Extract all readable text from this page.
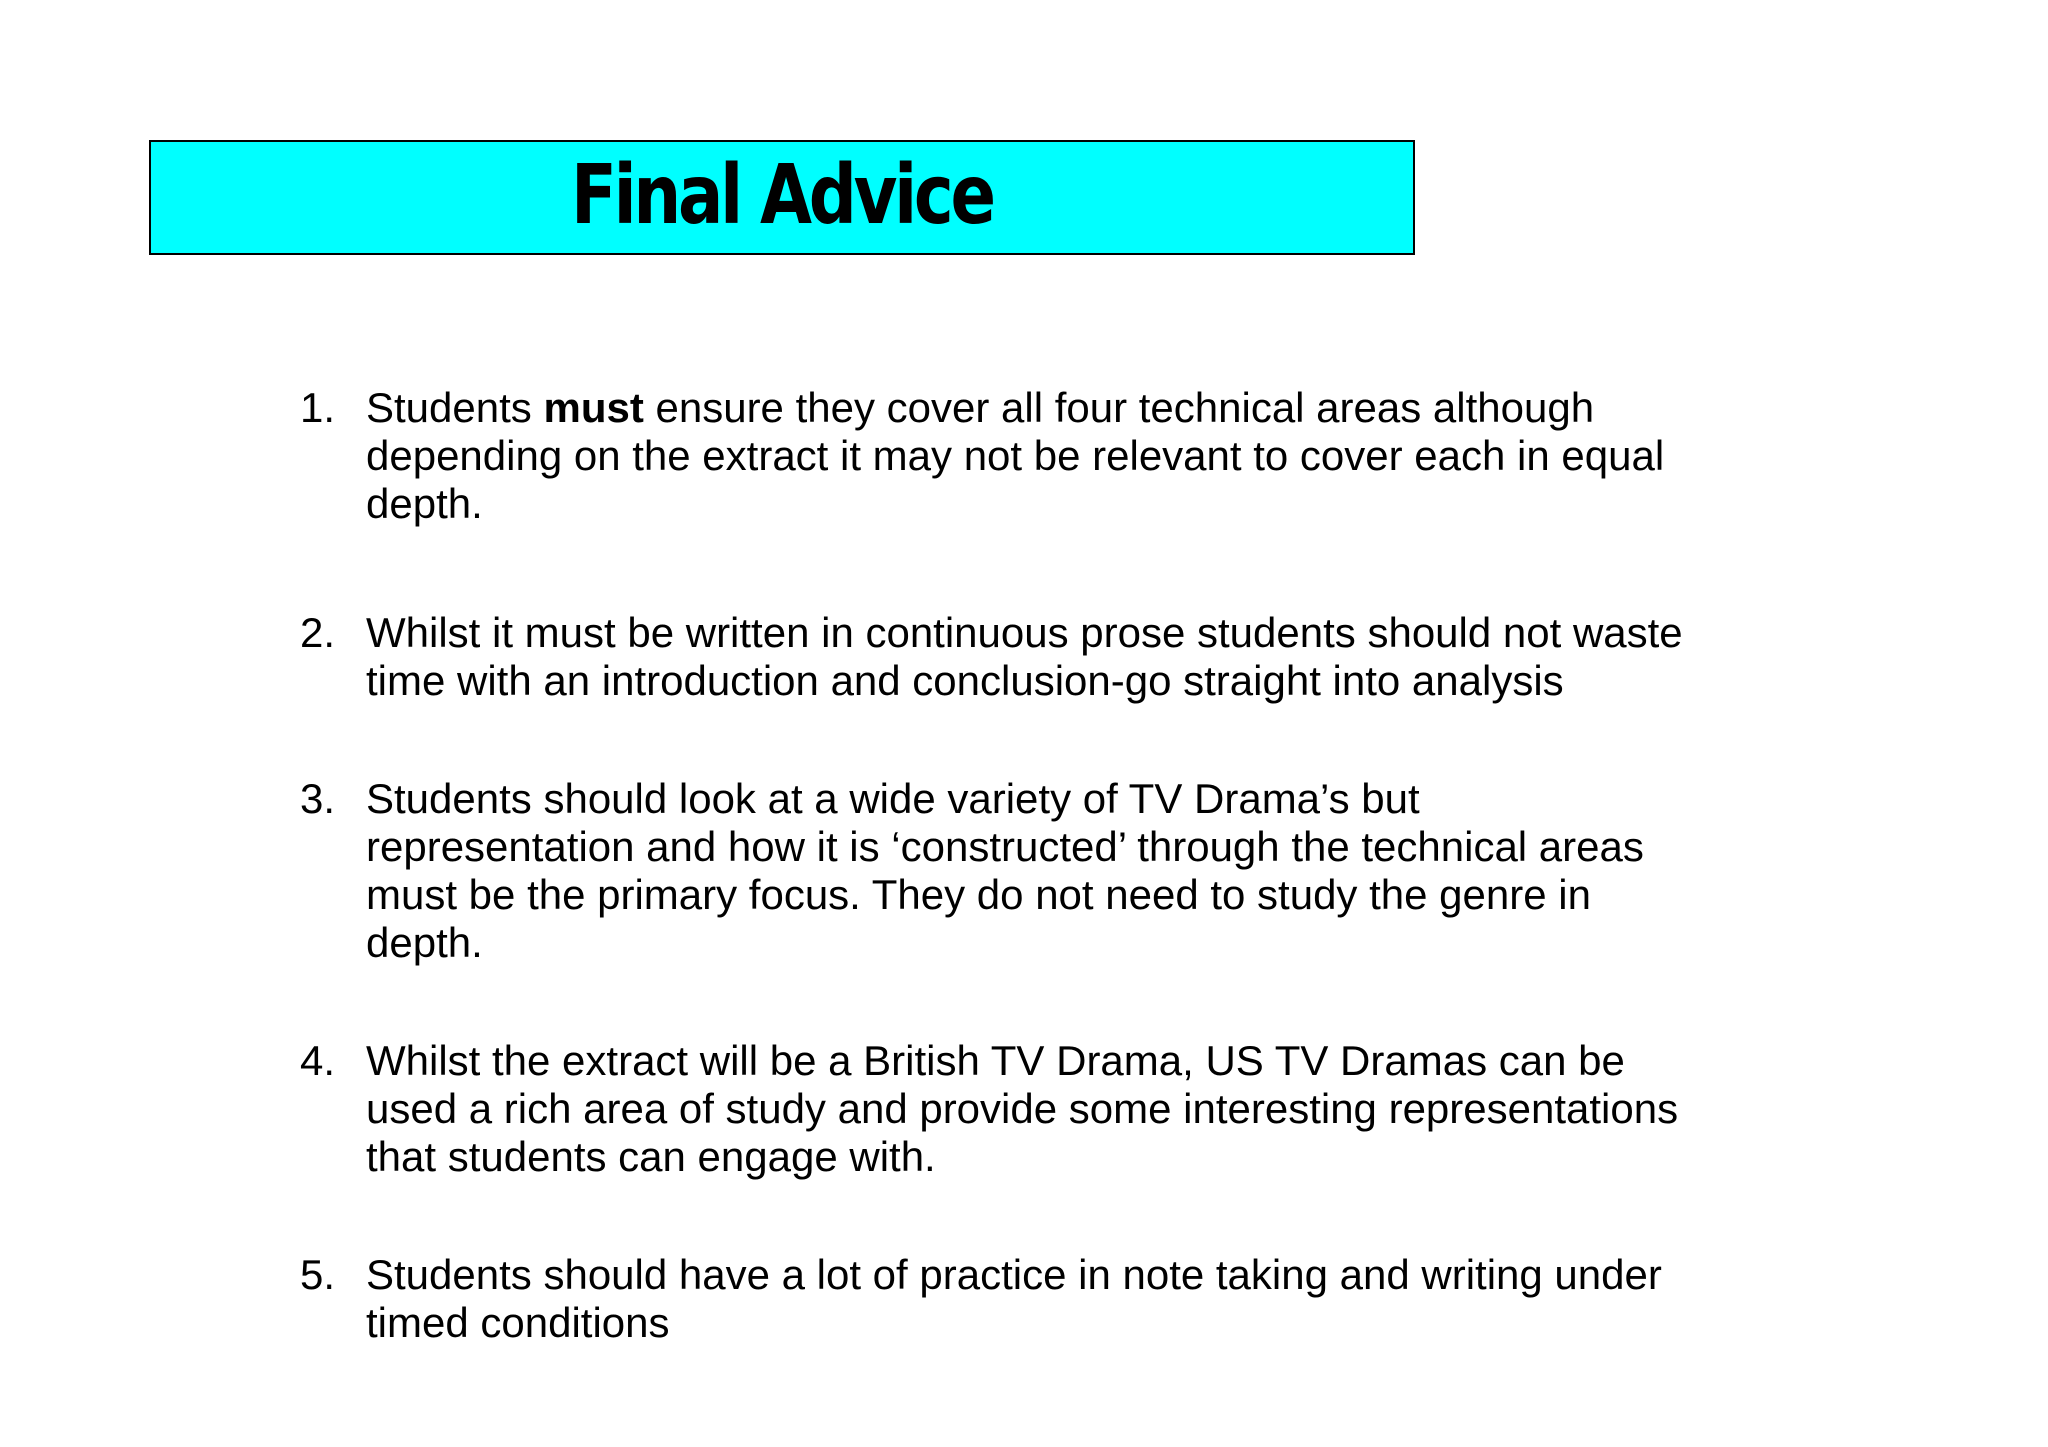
Final Advice
1. Students must ensure they cover all four technical areas although
depending on the extract it may not be relevant to cover each in equal
depth.
2. Whilst it must be written in continuous prose students should not waste
time with an introduction and conclusion-go straight into analysis
3. Students should look at a wide variety of TV Drama’s but
representation and how it is ‘constructed’ through the technical areas
must be the primary focus. They do not need to study the genre in
depth.
4. Whilst the extract will be a British TV Drama, US TV Dramas can be
used a rich area of study and provide some interesting representations
that students can engage with.
5. Students should have a lot of practice in note taking and writing under
timed conditions
